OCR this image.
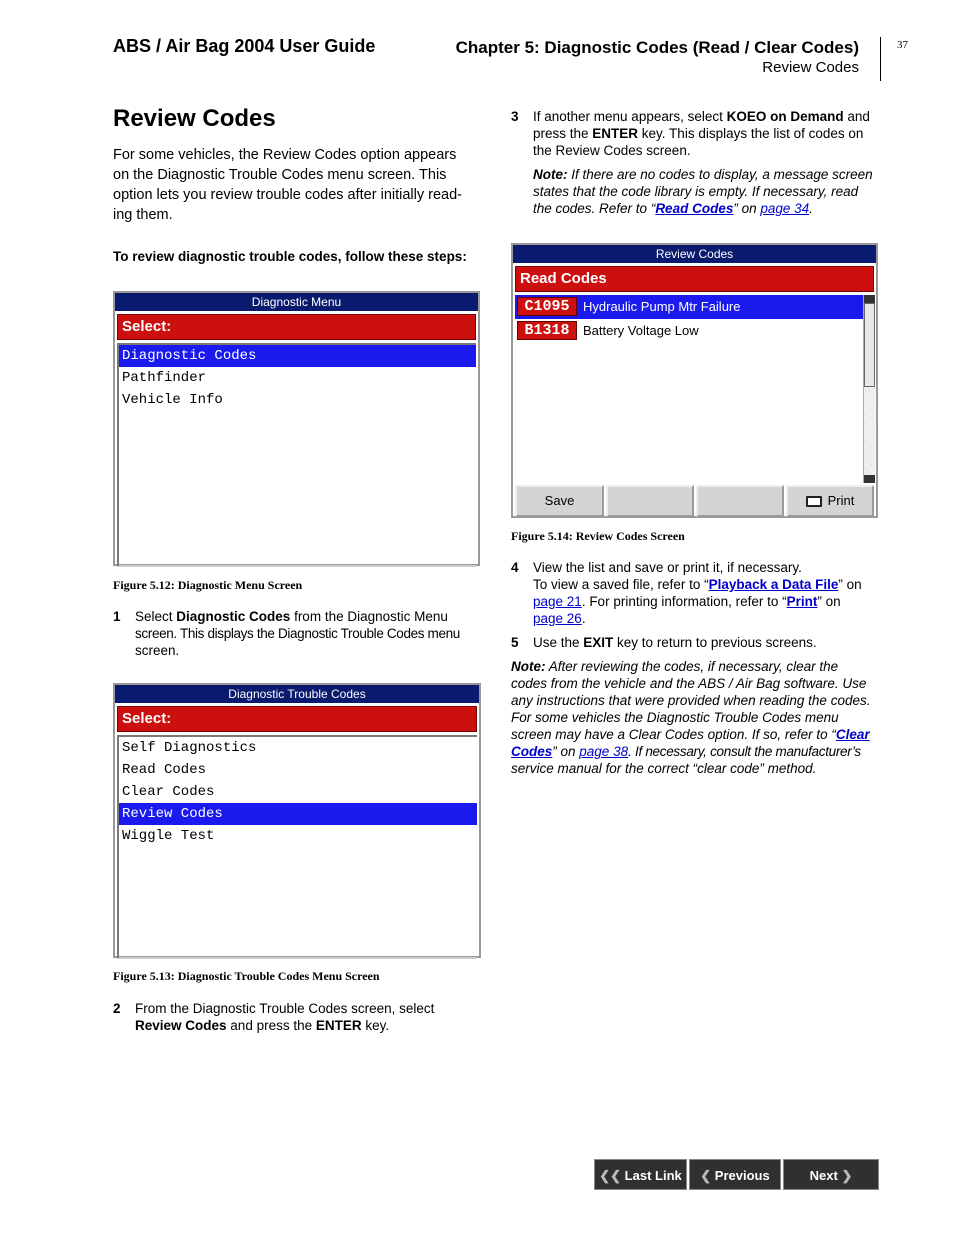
ABS / Air Bag 2004 User Guide	Chapter 5: Diagnostic Codes (Read / Clear Codes)
Review Codes
37
Review Codes
For some vehicles, the Review Codes option appears
on the Diagnostic Trouble Codes menu screen. This
option lets you review trouble codes after initially read-
ing them.
To review diagnostic trouble codes, follow these steps:
Diagnostic Menu
Select:
Diagnostic Codes
Pathfinder
Vehicle Info
Figure 5.12: Diagnostic Menu Screen
1 Select Diagnostic Codes from the Diagnostic Menu
screen. This displays the Diagnostic Trouble Codes menu
screen.
Diagnostic Trouble Codes
Select:
Self Diagnostics
Read Codes
Clear Codes
Review Codes
Wiggle Test
Figure 5.13: Diagnostic Trouble Codes Menu Screen
2 From the Diagnostic Trouble Codes screen, select
Review Codes and press the ENTER key.
3 If another menu appears, select KOEO on Demand and
press the ENTER key. This displays the list of codes on
the Review Codes screen.
Note: If there are no codes to display, a message screen
states that the code library is empty. If necessary, read
the codes. Refer to “Read Codes” on page 34.
Review Codes
Read Codes
C1095	Hydraulic Pump Mtr Failure
B1318	Battery Voltage Low
Save	Print
Figure 5.14: Review Codes Screen
4 View the list and save or print it, if necessary.
To view a saved file, refer to “Playback a Data File” on
page 21. For printing information, refer to “Print” on
page 26.
5 Use the EXIT key to return to previous screens.
Note: After reviewing the codes, if necessary, clear the
codes from the vehicle and the ABS / Air Bag software. Use
any instructions that were provided when reading the codes.
For some vehicles the Diagnostic Trouble Codes menu
screen may have a Clear Codes option. If so, refer to “Clear
Codes” on page 38. If necessary, consult the manufacturer’s
service manual for the correct “clear code” method.
❮❮ Last Link	❮ Previous	Next ❯
